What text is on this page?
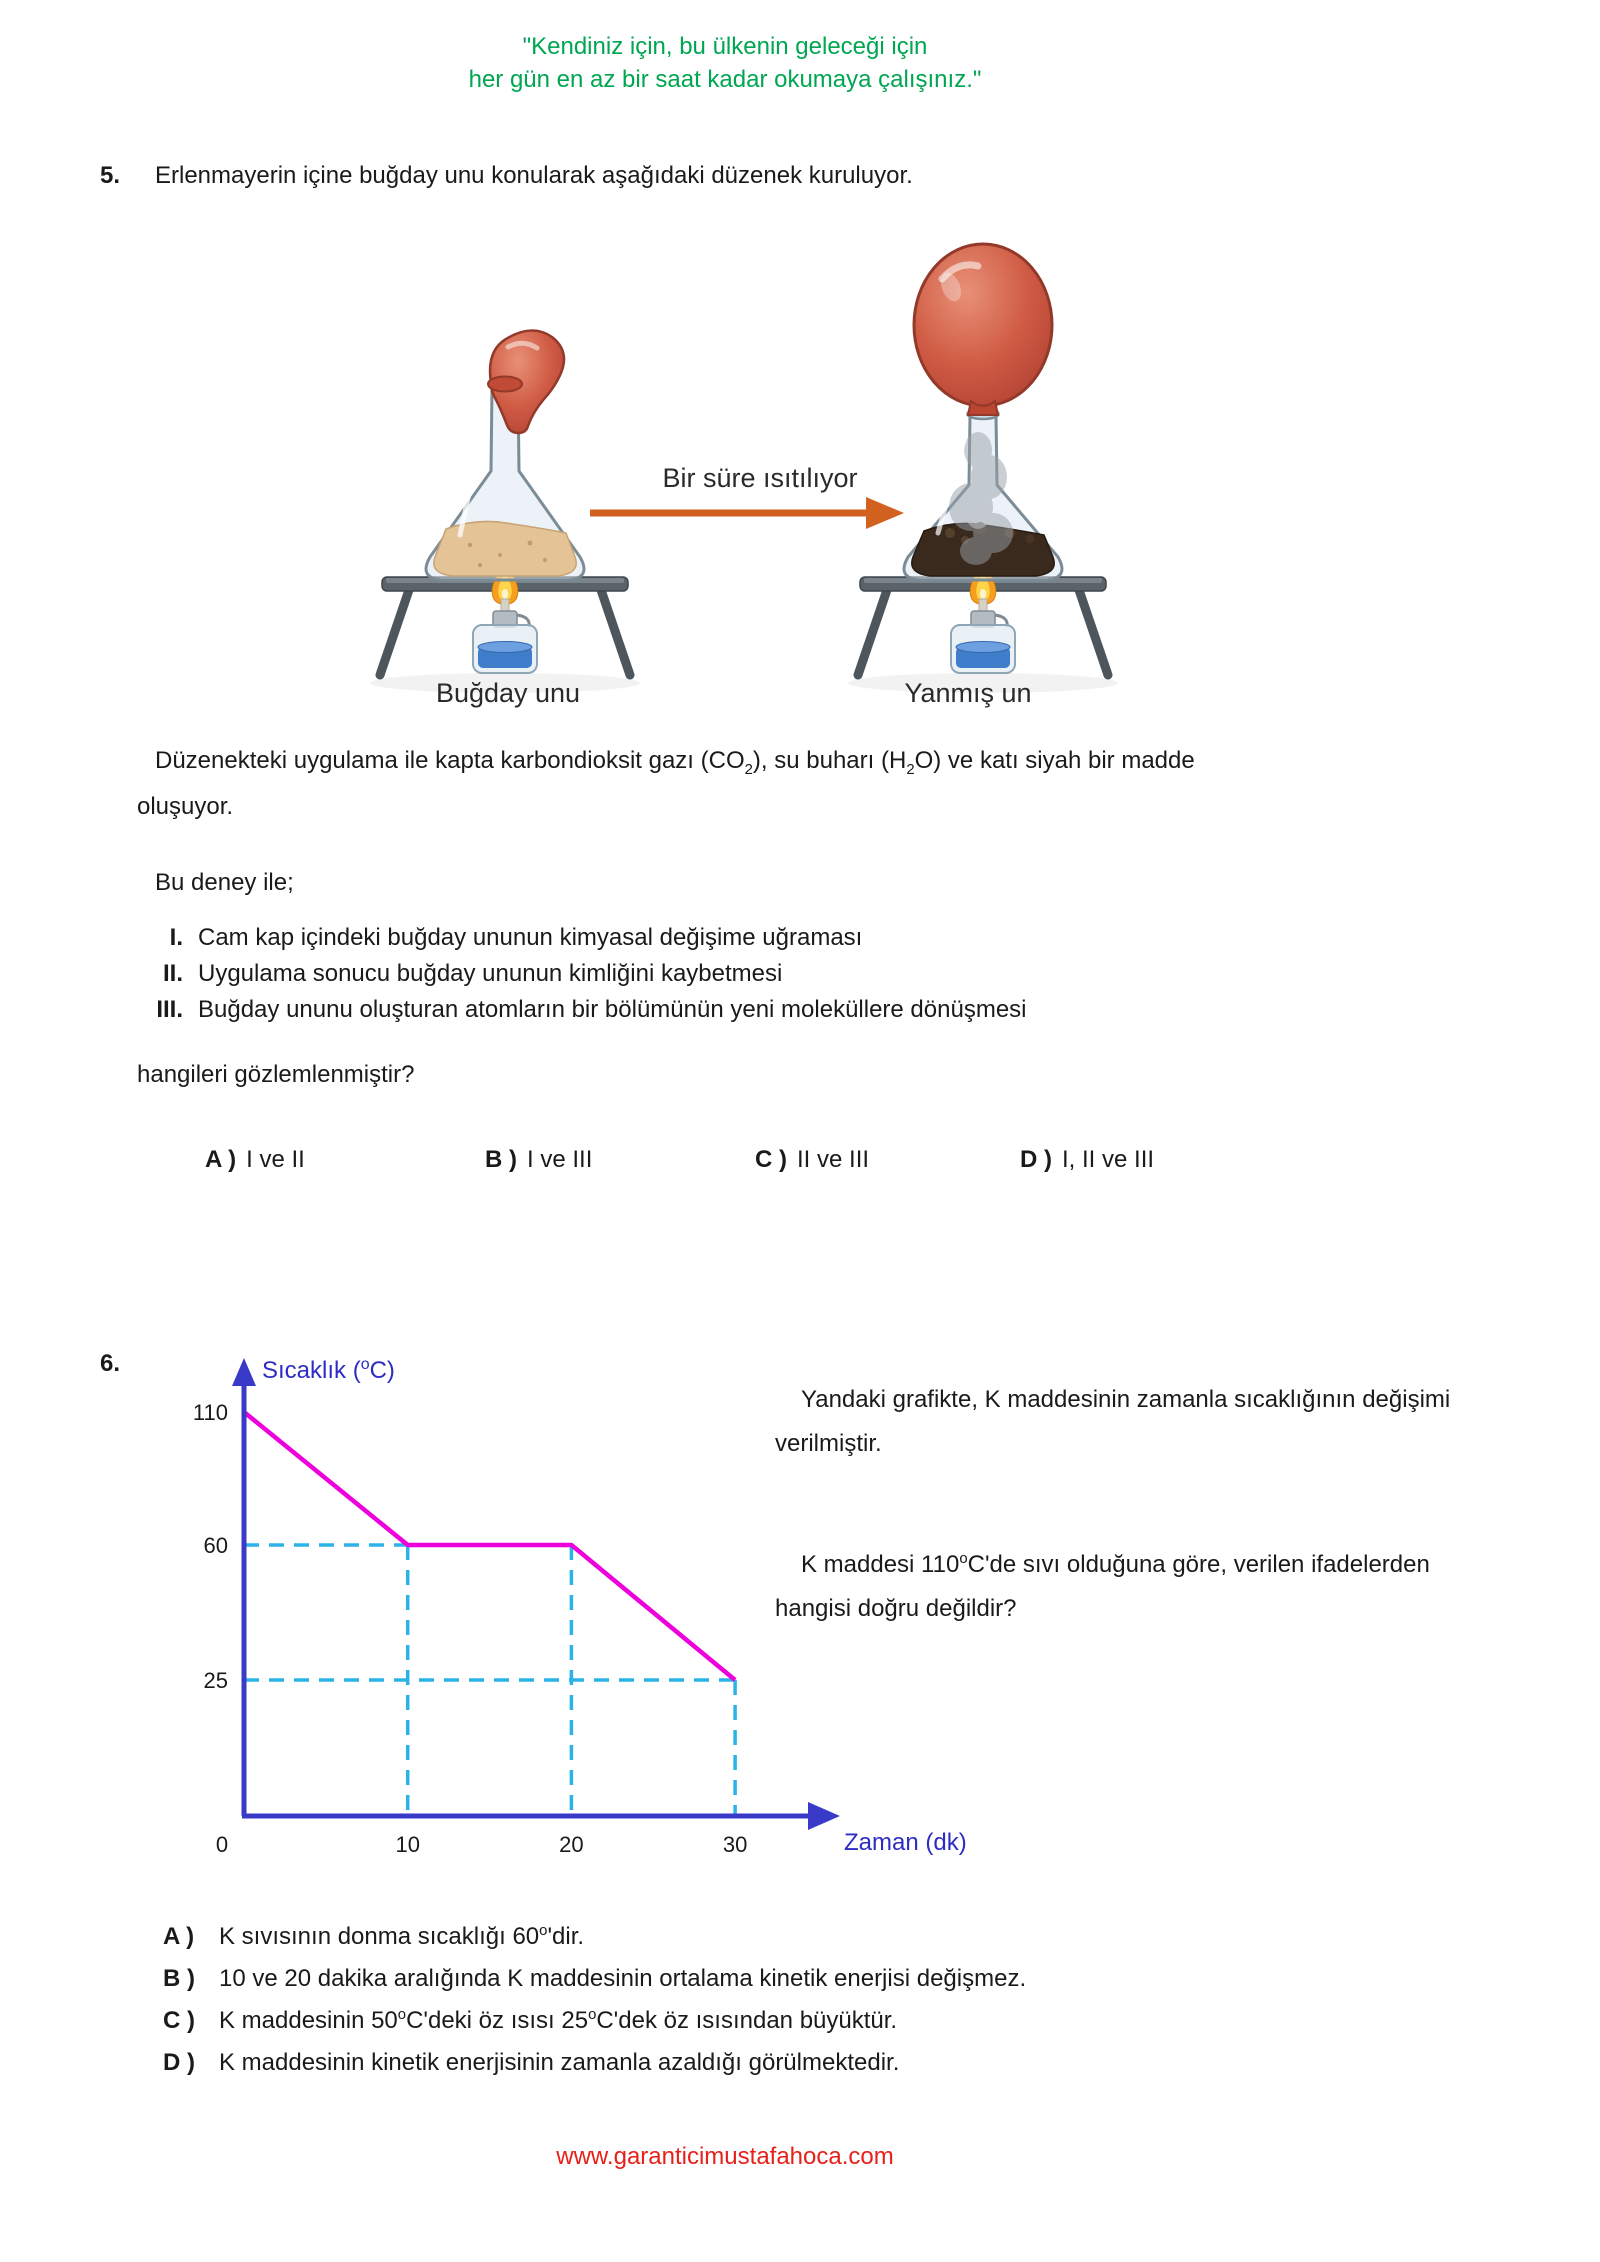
"Kendiniz için, bu ülkenin geleceği için
her gün en az bir saat kadar okumaya çalışınız."
5. Erlenmayerin içine buğday unu konularak aşağıdaki düzenek kuruluyor.
Bir süre ısıtılıyor
Buğday unu	Yanmış un
Düzenekteki uygulama ile kapta karbondioksit gazı $(CO_2)$, su buharı $(H_2O)$ ve katı siyah bir madde
oluşuyor.
Bu deney ile;
I. Cam kap içindeki buğday ununun kimyasal değişime uğraması
II. Uygulama sonucu buğday ununun kimliğini kaybetmesi
III. Buğday ununu oluşturan atomların bir bölümünün yeni moleküllere dönüşmesi
hangileri gözlemlenmiştir?
A ) I ve II	B ) I ve III	C ) II ve III	D ) I, II ve III
6.
110
60
25
0	10	20	30
Sıcaklık ($^o$C)
Zaman (dk)
Yandaki grafikte, K maddesinin zamanla sıcaklığının değişimi verilmiştir.
K maddesi 110$^o$C'de sıvı olduğuna göre, verilen ifadelerden hangisi doğru değildir?
A )	K sıvısının donma sıcaklığı 60$^o$'dir.
B )	10 ve 20 dakika aralığında K maddesinin ortalama kinetik enerjisi değişmez.
C )	K maddesinin 50$^o$C'deki öz ısısı 25$^o$C'dek öz ısısından büyüktür.
D )	K maddesinin kinetik enerjisinin zamanla azaldığı görülmektedir.
www.garanticimustafahoca.com
